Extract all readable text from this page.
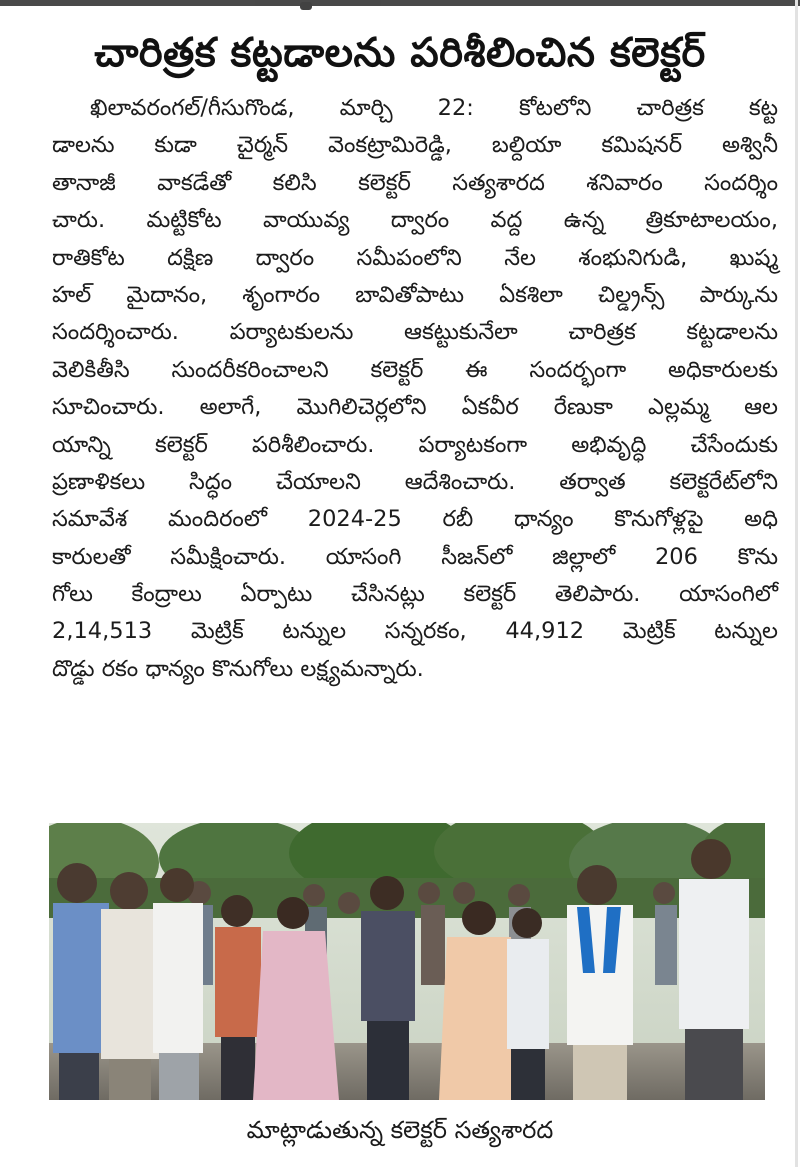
చారిత్రక కట్టడాలను పరిశీలించిన కలెక్టర్
ఖిలావరంగల్/గీసుగొండ, మార్చి 22: కోటలోని చారిత్రక కట్ట
డాలను కుడా చైర్మన్ వెంకట్రామిరెడ్డి, బల్దియా కమిషనర్ అశ్వినీ
తానాజీ వాకడేతో కలిసి కలెక్టర్ సత్యశారద శనివారం సందర్శిం
చారు. మట్టికోట వాయువ్య ద్వారం వద్ద ఉన్న త్రికూటాలయం,
రాతికోట దక్షిణ ద్వారం సమీపంలోని నేల శంభునిగుడి, ఖుష్మ
హల్ మైదానం, శృంగారం బావితోపాటు ఏకశిలా చిల్డ్రన్స్ పార్కును
సందర్శించారు. పర్యాటకులను ఆకట్టుకునేలా చారిత్రక కట్టడాలను
వెలికితీసి సుందరీకరించాలని కలెక్టర్ ఈ సందర్భంగా అధికారులకు
సూచించారు. అలాగే, మొగిలిచెర్లలోని ఏకవీర రేణుకా ఎల్లమ్మ ఆల
యాన్ని కలెక్టర్ పరిశీలించారు. పర్యాటకంగా అభివృద్ధి చేసేందుకు
ప్రణాళికలు సిద్ధం చేయాలని ఆదేశించారు. తర్వాత కలెక్టరేట్‌లోని
సమావేశ మందిరంలో 2024-25 రబీ ధాన్యం కొనుగోళ్లపై అధి
కారులతో సమీక్షించారు. యాసంగి సీజన్‌లో జిల్లాలో 206 కొను
గోలు కేంద్రాలు ఏర్పాటు చేసినట్లు కలెక్టర్ తెలిపారు. యాసంగిలో
2,14,513 మెట్రిక్ టన్నుల సన్నరకం, 44,912 మెట్రిక్ టన్నుల
దొడ్డు రకం ధాన్యం కొనుగోలు లక్ష్యమన్నారు.
మాట్లాడుతున్న కలెక్టర్ సత్యశారద
